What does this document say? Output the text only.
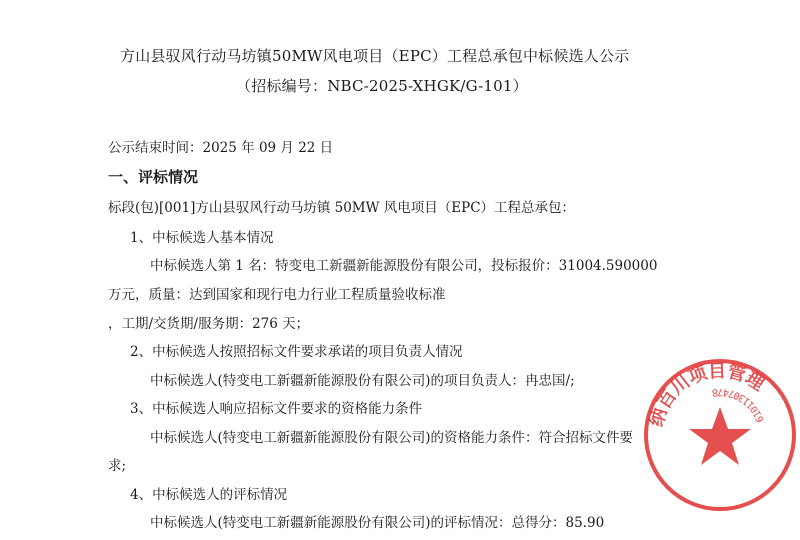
方山县驭风行动马坊镇50MW风电项目（EPC）工程总承包中标候选人公示
（招标编号：NBC-2025-XHGK/G-101）
公示结束时间：2025 年 09 月 22 日
一、评标情况
标段(包)[001]方山县驭风行动马坊镇 50MW 风电项目（EPC）工程总承包：
1、中标候选人基本情况
中标候选人第 1 名：特变电工新疆新能源股份有限公司，投标报价：31004.590000
万元，质量：达到国家和现行电力行业工程质量验收标准
，工期/交货期/服务期：276 天；
2、中标候选人按照招标文件要求承诺的项目负责人情况
中标候选人(特变电工新疆新能源股份有限公司)的项目负责人：冉忠国/;
3、中标候选人响应招标文件要求的资格能力条件
中标候选人(特变电工新疆新能源股份有限公司)的资格能力条件：符合招标文件要
求;
4、中标候选人的评标情况
中标候选人(特变电工新疆新能源股份有限公司)的评标情况：总得分：85.90
纳百川项目管理
61011307478
